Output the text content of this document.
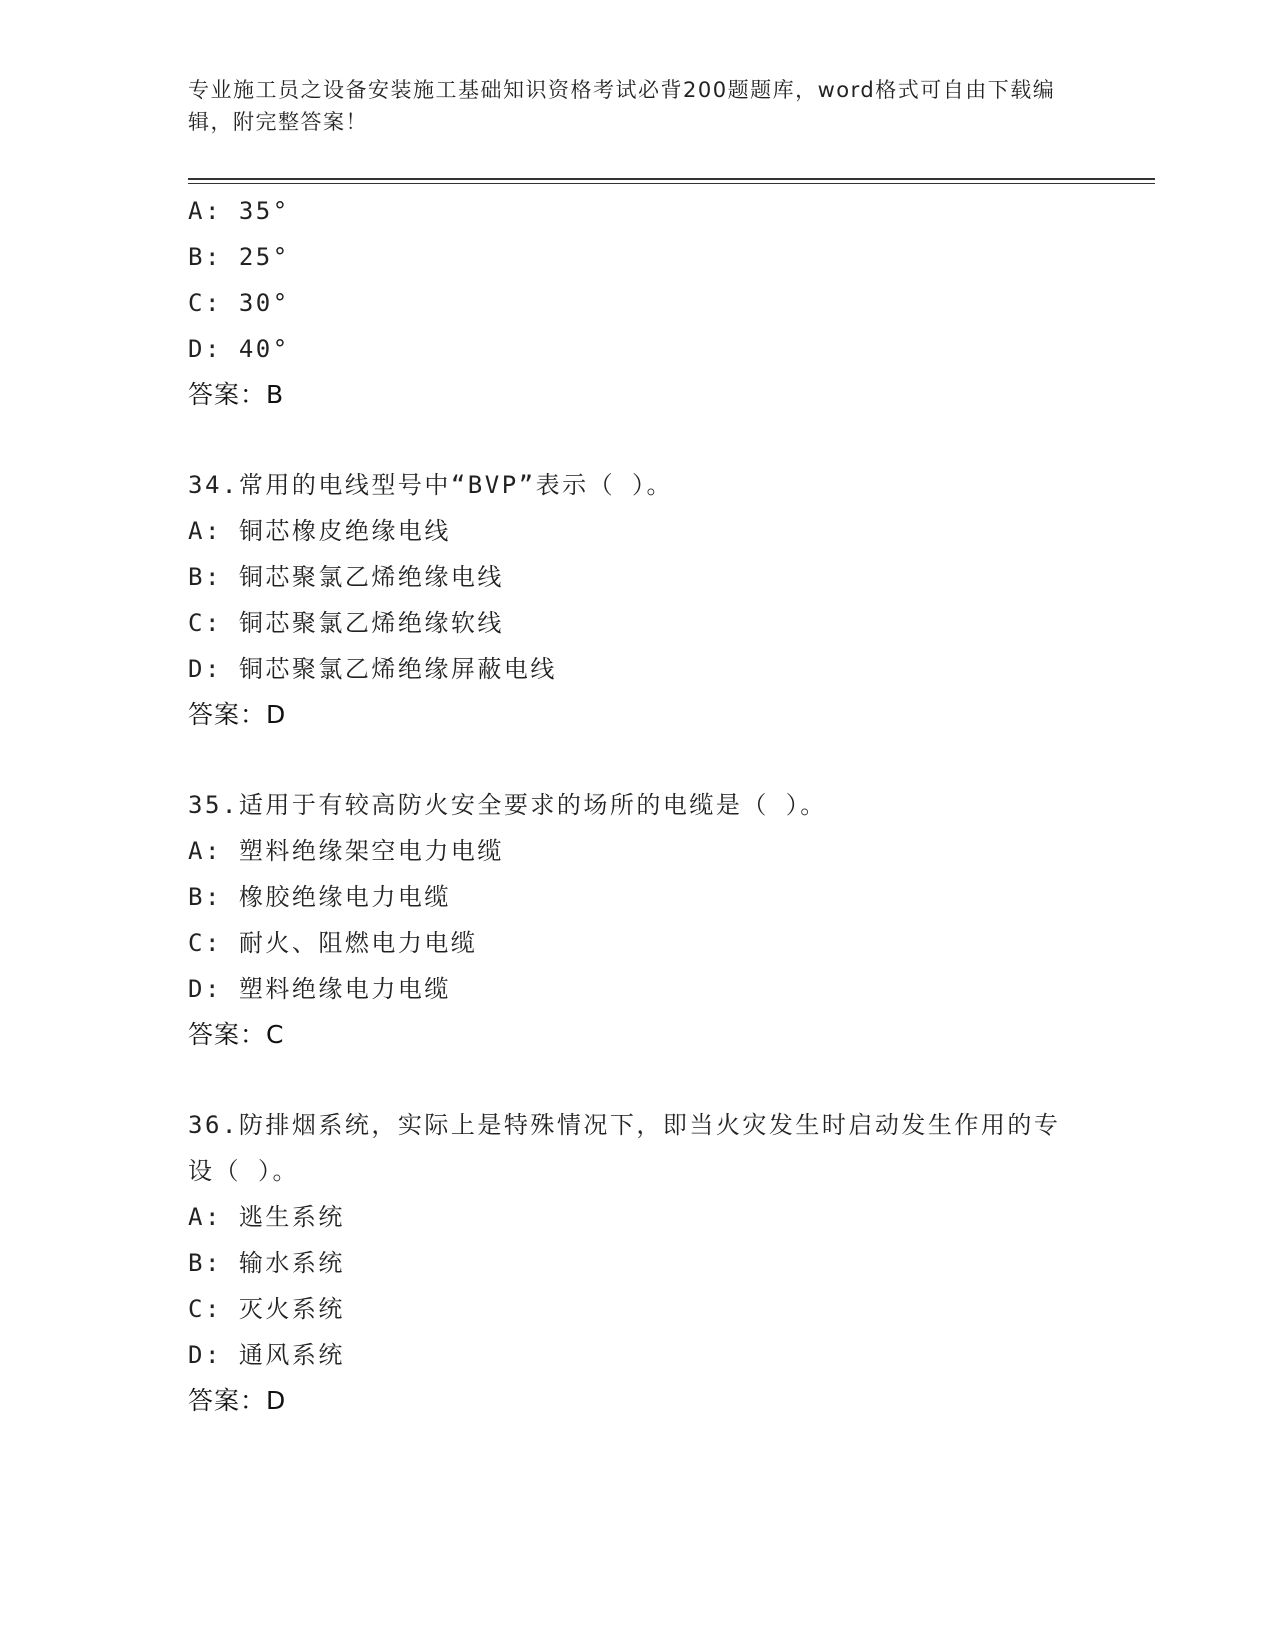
专业施工员之设备安装施工基础知识资格考试必背200题题库，word格式可自由下载编辑，附完整答案！
A: 35°
B: 25°
C: 30°
D: 40°
答案：B
34.常用的电线型号中“BVP”表示（ ）。
A: 铜芯橡皮绝缘电线
B: 铜芯聚氯乙烯绝缘电线
C: 铜芯聚氯乙烯绝缘软线
D: 铜芯聚氯乙烯绝缘屏蔽电线
答案：D
35.适用于有较高防火安全要求的场所的电缆是（ ）。
A: 塑料绝缘架空电力电缆
B: 橡胶绝缘电力电缆
C: 耐火、阻燃电力电缆
D: 塑料绝缘电力电缆
答案：C
36.防排烟系统，实际上是特殊情况下，即当火灾发生时启动发生作用的专设（ ）。
A: 逃生系统
B: 输水系统
C: 灭火系统
D: 通风系统
答案：D
